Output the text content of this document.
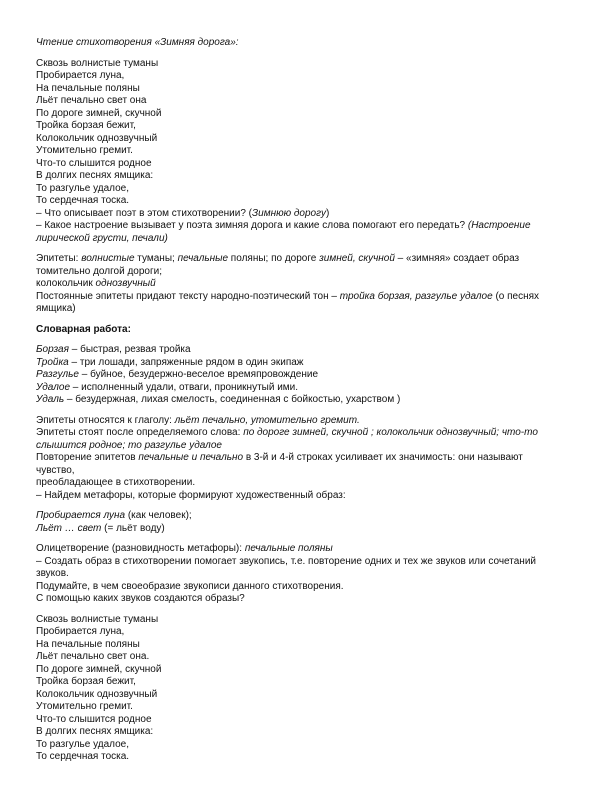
Чтение стихотворения «Зимняя дорога»:
Сквозь волнистые туманы
Пробирается луна,
На печальные поляны
Льёт печально свет она
По дороге зимней, скучной
Тройка борзая бежит,
Колокольчик однозвучный
Утомительно гремит.
Что-то слышится родное
В долгих песнях ямщика:
То разгулье удалое,
То сердечная тоска.
– Что описывает поэт в этом стихотворении? (Зимнюю дорогу)
– Какое настроение вызывает у поэта зимняя дорога и какие слова помогают его передать? (Настроение
лирической грусти, печали)
Эпитеты: волнистые туманы; печальные поляны; по дороге зимней, скучной – «зимняя» создает образ
томительно долгой дороги;
колокольчик однозвучный
Постоянные эпитеты придают тексту народно-поэтический тон – тройка борзая, разгулье удалое (о песнях
ямщика)
Словарная работа:
Борзая – быстрая, резвая тройка
Тройка – три лошади, запряженные рядом в один экипаж
Разгулье – буйное, безудержно-веселое времяпровождение
Удалое – исполненный удали, отваги, проникнутый ими.
Удаль – безудержная, лихая смелость, соединенная с бойкостью, ухарством )
Эпитеты относятся к глаголу: льёт печально, утомительно гремит.
Эпитеты стоят после определяемого слова: по дороге зимней, скучной ; колокольчик однозвучный; что-то
слышится родное; то разгулье удалое
Повторение эпитетов печальные и печально в 3-й и 4-й строках усиливает их значимость: они называют чувство,
преобладающее в стихотворении.
– Найдем метафоры, которые формируют художественный образ:
Пробирается луна (как человек);
Льёт … свет (= льёт воду)
Олицетворение (разновидность метафоры): печальные поляны
– Создать образ в стихотворении помогает звукопись, т.е. повторение одних и тех же звуков или сочетаний
звуков.
Подумайте, в чем своеобразие звукописи данного стихотворения.
С помощью каких звуков создаются образы?
Сквозь волнистые туманы
Пробирается луна,
На печальные поляны
Льёт печально свет она.
По дороге зимней, скучной
Тройка борзая бежит,
Колокольчик однозвучный
Утомительно гремит.
Что-то слышится родное
В долгих песнях ямщика:
То разгулье удалое,
То сердечная тоска.
